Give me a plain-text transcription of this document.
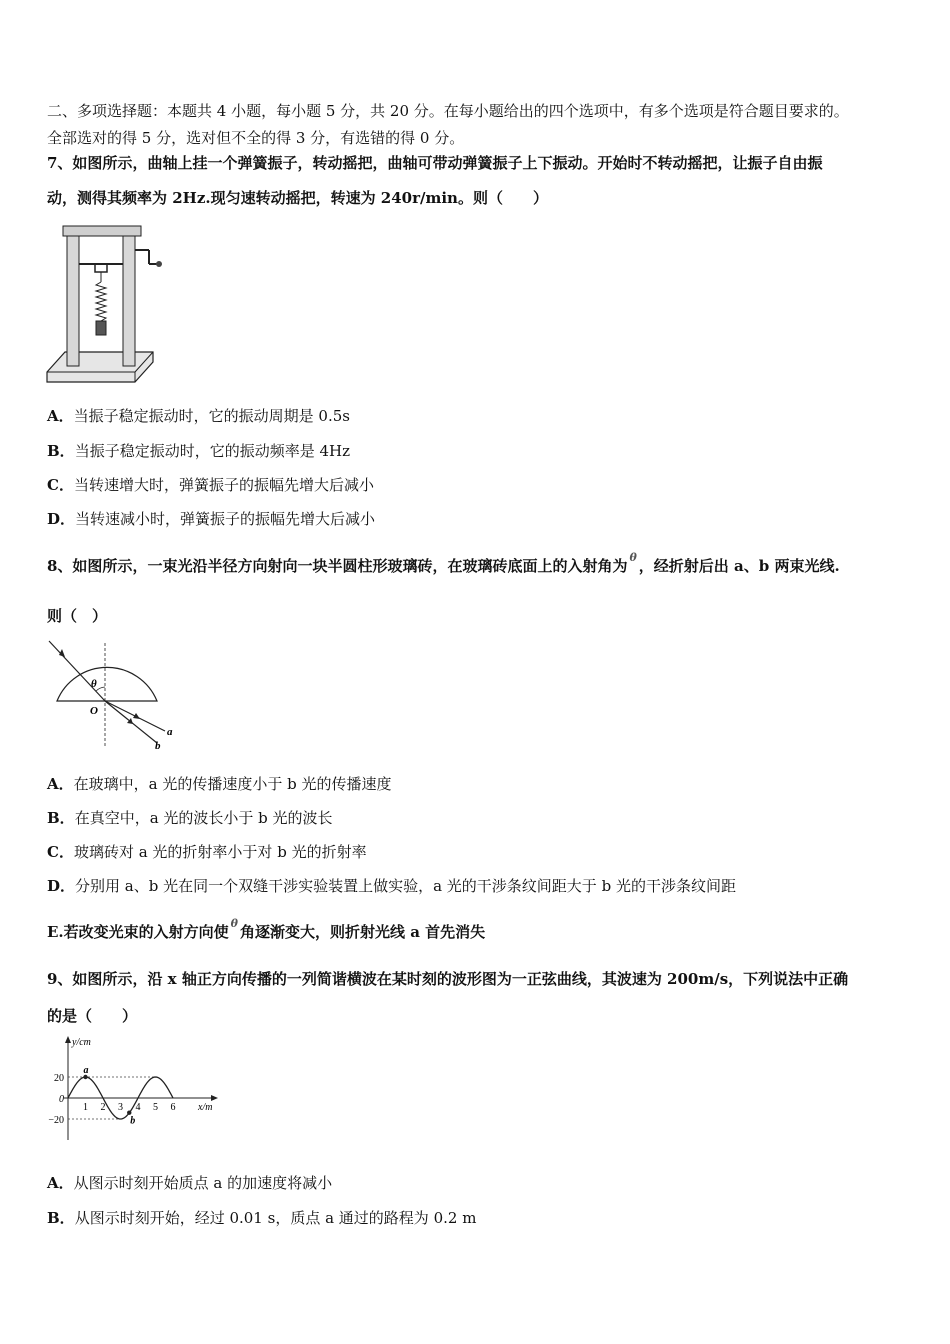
二、多项选择题：本题共 4 小题，每小题 5 分，共 20 分。在每小题给出的四个选项中，有多个选项是符合题目要求的。
全部选对的得 5 分，选对但不全的得 3 分，有选错的得 0 分。
7、如图所示，曲轴上挂一个弹簧振子，转动摇把，曲轴可带动弹簧振子上下振动。开始时不转动摇把，让振子自由振
动，测得其频率为 2Hz.现匀速转动摇把，转速为 240r/min。则（　　）
A．当振子稳定振动时，它的振动周期是 0.5s
B．当振子稳定振动时，它的振动频率是 4Hz
C．当转速增大时，弹簧振子的振幅先增大后减小
D．当转速减小时，弹簧振子的振幅先增大后减小
8、如图所示，一束光沿半径方向射向一块半圆柱形玻璃砖，在玻璃砖底面上的入射角为 $^\theta$ ，经折射后出 a、b 两束光线.
则（　）
θ
O
a
b
A．在玻璃中，a 光的传播速度小于 b 光的传播速度
B．在真空中，a 光的波长小于 b 光的波长
C．玻璃砖对 a 光的折射率小于对 b 光的折射率
D．分别用 a、b 光在同一个双缝干涉实验装置上做实验，a 光的干涉条纹间距大于 b 光的干涉条纹间距
E.若改变光束的入射方向使 $^\theta$ 角逐渐变大，则折射光线 a 首先消失
9、如图所示，沿 x 轴正方向传播的一列简谐横波在某时刻的波形图为一正弦曲线，其波速为 200m/s，下列说法中正确
的是（　　）
y/cm
x/m
20
0
−20
1 2 3 4 5 6
a
b
A．从图示时刻开始质点 a 的加速度将减小
B．从图示时刻开始，经过 0.01 s，质点 a 通过的路程为 0.2 m
